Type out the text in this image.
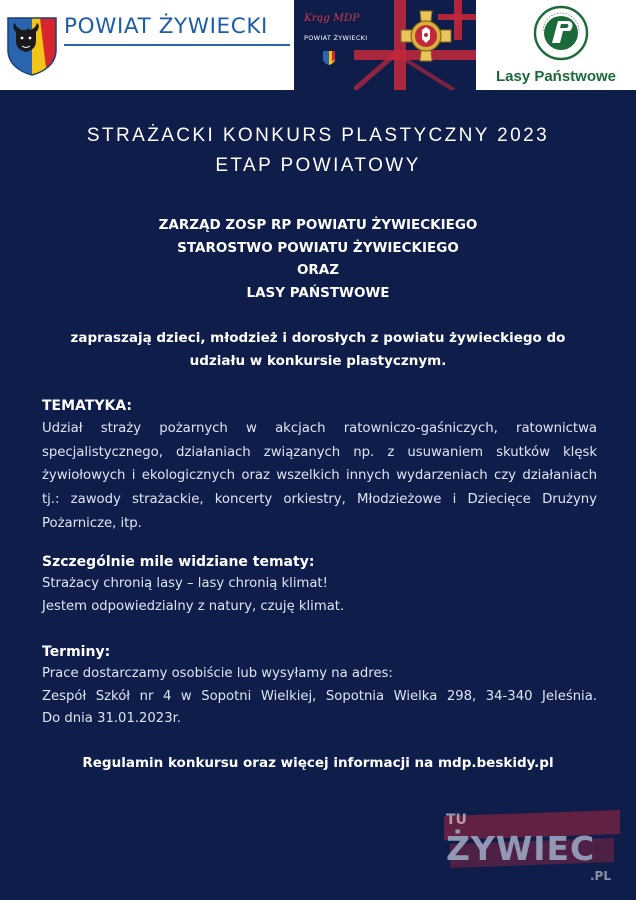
POWIAT ŻYWIECKI	Krąg MDP
POWIAT ŻYWIECKI
Lasy Państwowe
STRAŻACKI KONKURS PLASTYCZNY 2023
ETAP POWIATOWY
ZARZĄD ZOSP RP POWIATU ŻYWIECKIEGO
STAROSTWO POWIATU ŻYWIECKIEGO
ORAZ
LASY PAŃSTWOWE
zapraszają dzieci, młodzież i dorosłych z powiatu żywieckiego do
udziału w konkursie plastycznym.

TEMATYKA:

Udział straży pożarnych w akcjach ratowniczo-gaśniczych, ratownictwa specjalistycznego, działaniach związanych np. z usuwaniem skutków klęsk żywiołowych i ekologicznych oraz wszelkich innych wydarzeniach czy działaniach tj.: zawody strażackie, koncerty orkiestry, Młodzieżowe i Dziecięce Drużyny Pożarnicze, itp.

Szczególnie mile widziane tematy:

Strażacy chronią lasy – lasy chronią klimat!

Jestem odpowiedzialny z natury, czuję klimat.

Terminy:

Prace dostarczamy osobiście lub wysyłamy na adres:

Zespół Szkół nr 4 w Sopotni Wielkiej, Sopotnia Wielka 298, 34-340 Jeleśnia.

Do dnia 31.01.2023r.

Regulamin konkursu oraz więcej informacji na mdp.beskidy.pl
TU
ŻYWIEC
.PL
